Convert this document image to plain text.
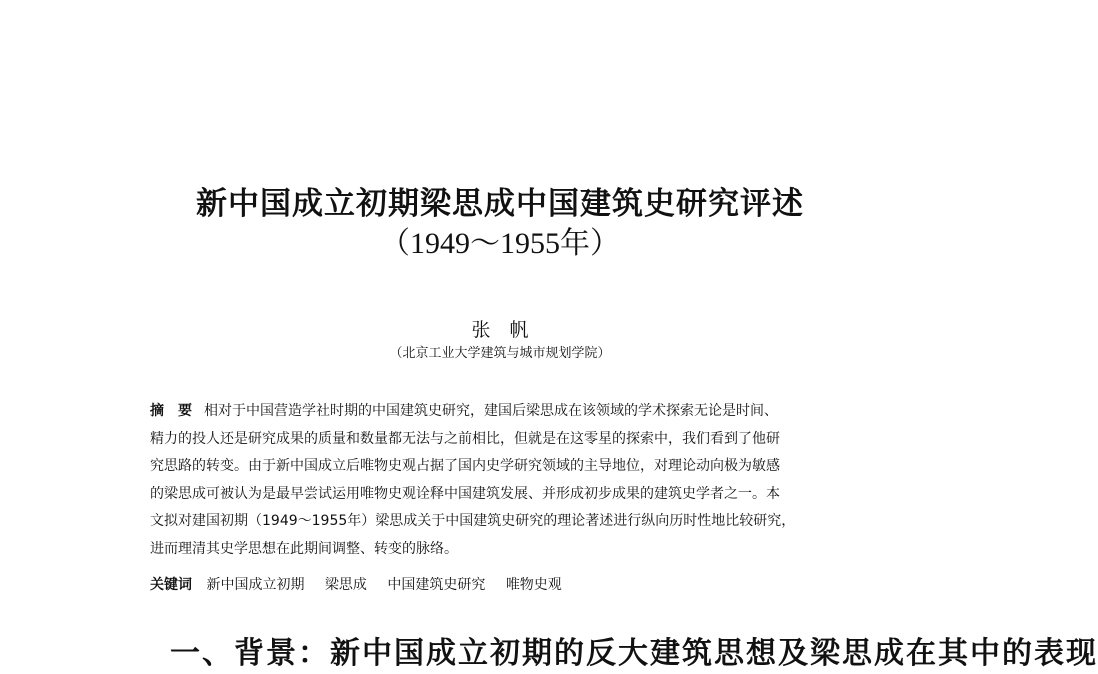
新中国成立初期梁思成中国建筑史研究评述
（1949～1955年）
张　帆
（北京工业大学建筑与城市规划学院）
摘　要 相对于中国营造学社时期的中国建筑史研究，建国后梁思成在该领域的学术探索无论是时间、
精力的投人还是研究成果的质量和数量都无法与之前相比，但就是在这零星的探索中，我们看到了他研
究思路的转变。由于新中国成立后唯物史观占据了国内史学研究领域的主导地位，对理论动向极为敏感
的梁思成可被认为是最早尝试运用唯物史观诠释中国建筑发展、并形成初步成果的建筑史学者之一。本
文拟对建国初期（1949～1955年）梁思成关于中国建筑史研究的理论著述进行纵向历时性地比较研究，
进而理清其史学思想在此期间调整、转变的脉络。
关键词 新中国成立初期 梁思成 中国建筑史研究 唯物史观
一、背景：新中国成立初期的反大建筑思想及梁思成在其中的表现
